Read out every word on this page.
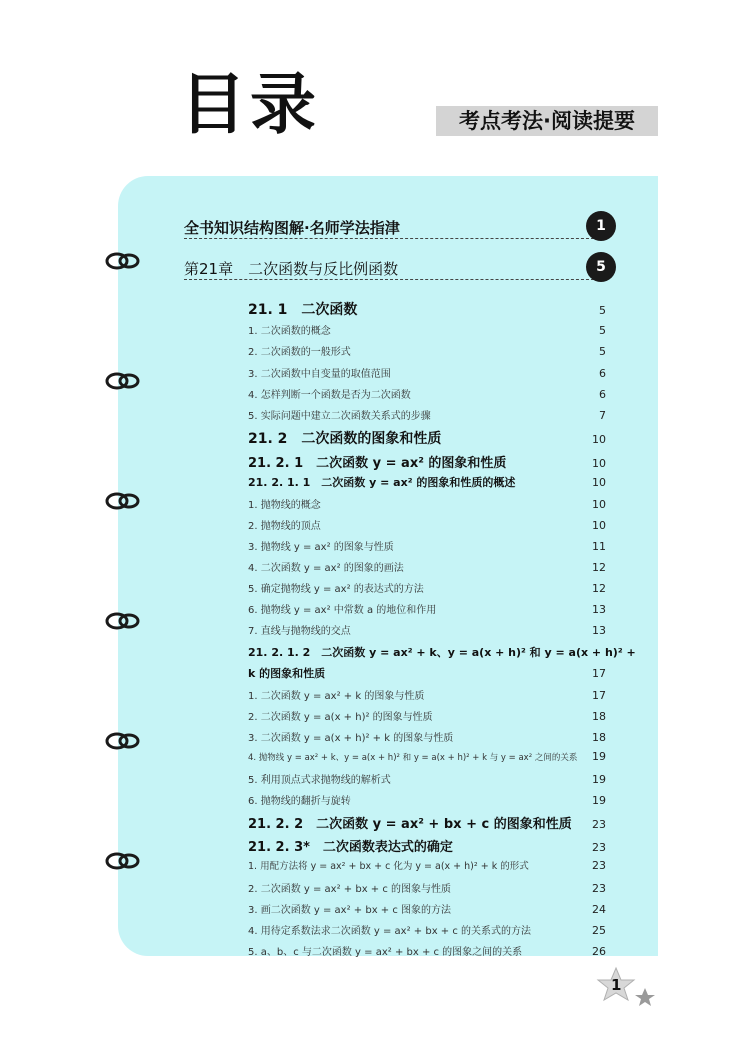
目录	考点考法·阅读提要
全书知识结构图解·名师学法指津	1
第21章　二次函数与反比例函数	5
21. 1　二次函数	5
1. 二次函数的概念	5
2. 二次函数的一般形式	5
3. 二次函数中自变量的取值范围	6
4. 怎样判断一个函数是否为二次函数	6
5. 实际问题中建立二次函数关系式的步骤	7
21. 2　二次函数的图象和性质	10
21. 2. 1　二次函数 y = ax² 的图象和性质	10
21. 2. 1. 1　二次函数 y = ax² 的图象和性质的概述	10
1. 抛物线的概念	10
2. 抛物线的顶点	10
3. 抛物线 y = ax² 的图象与性质	11
4. 二次函数 y = ax² 的图象的画法	12
5. 确定抛物线 y = ax² 的表达式的方法	12
6. 抛物线 y = ax² 中常数 a 的地位和作用	13
7. 直线与抛物线的交点	13
21. 2. 1. 2　二次函数 y = ax² + k、y = a(x + h)² 和 y = a(x + h)² +
k 的图象和性质	17
1. 二次函数 y = ax² + k 的图象与性质	17
2. 二次函数 y = a(x + h)² 的图象与性质	18
3. 二次函数 y = a(x + h)² + k 的图象与性质	18
4. 抛物线 y = ax² + k、y = a(x + h)² 和 y = a(x + h)² + k 与 y = ax² 之间的关系 19
5. 利用顶点式求抛物线的解析式	19
6. 抛物线的翻折与旋转	19
21. 2. 2　二次函数 y = ax² + bx + c 的图象和性质 23
21. 2. 3*　二次函数表达式的确定	23
1. 用配方法将 y = ax² + bx + c 化为 y = a(x + h)² + k 的形式	23
2. 二次函数 y = ax² + bx + c 的图象与性质	23
3. 画二次函数 y = ax² + bx + c 图象的方法	24
4. 用待定系数法求二次函数 y = ax² + bx + c 的关系式的方法	25
5. a、b、c 与二次函数 y = ax² + bx + c 的图象之间的关系	26
1
